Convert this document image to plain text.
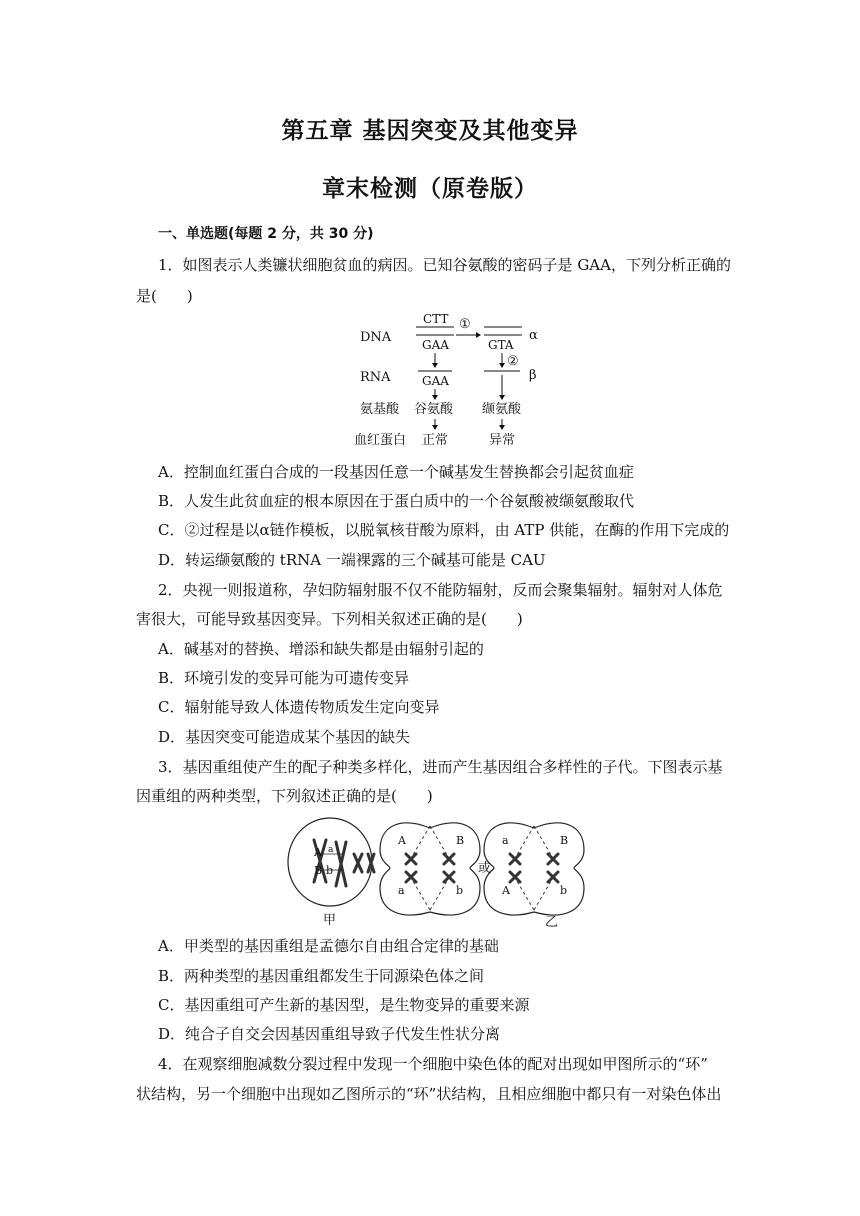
第五章 基因突变及其他变异
章末检测（原卷版）
一、单选题(每题 2 分，共 30 分)
1．如图表示人类镰状细胞贫血的病因。已知谷氨酸的密码子是 GAA，下列分析正确的
是(　　)
DNA
RNA
氨基酸
血红蛋白
CTT
GAA
①
GTA
α
GAA
②
β
谷氨酸 缬氨酸
正常	异常
A．控制血红蛋白合成的一段基因任意一个碱基发生替换都会引起贫血症
B．人发生此贫血症的根本原因在于蛋白质中的一个谷氨酸被缬氨酸取代
C．②过程是以α链作模板，以脱氧核苷酸为原料，由 ATP 供能，在酶的作用下完成的
D．转运缬氨酸的 tRNA 一端裸露的三个碱基可能是 CAU
2．央视一则报道称，孕妇防辐射服不仅不能防辐射，反而会聚集辐射。辐射对人体危
害很大，可能导致基因变异。下列相关叙述正确的是(　　)
A．碱基对的替换、增添和缺失都是由辐射引起的
B．环境引发的变异可能为可遗传变异
C．辐射能导致人体遗传物质发生定向变异
D．基因突变可能造成某个基因的缺失
3．基因重组使产生的配子种类多样化，进而产生基因组合多样性的子代。下图表示基
因重组的两种类型，下列叙述正确的是(　　)
A a
B b
A	B
a	b
a	B
A	b
或
甲	乙
A．甲类型的基因重组是孟德尔自由组合定律的基础
B．两种类型的基因重组都发生于同源染色体之间
C．基因重组可产生新的基因型，是生物变异的重要来源
D．纯合子自交会因基因重组导致子代发生性状分离
4．在观察细胞减数分裂过程中发现一个细胞中染色体的配对出现如甲图所示的“环”
状结构，另一个细胞中出现如乙图所示的“环”状结构，且相应细胞中都只有一对染色体出
